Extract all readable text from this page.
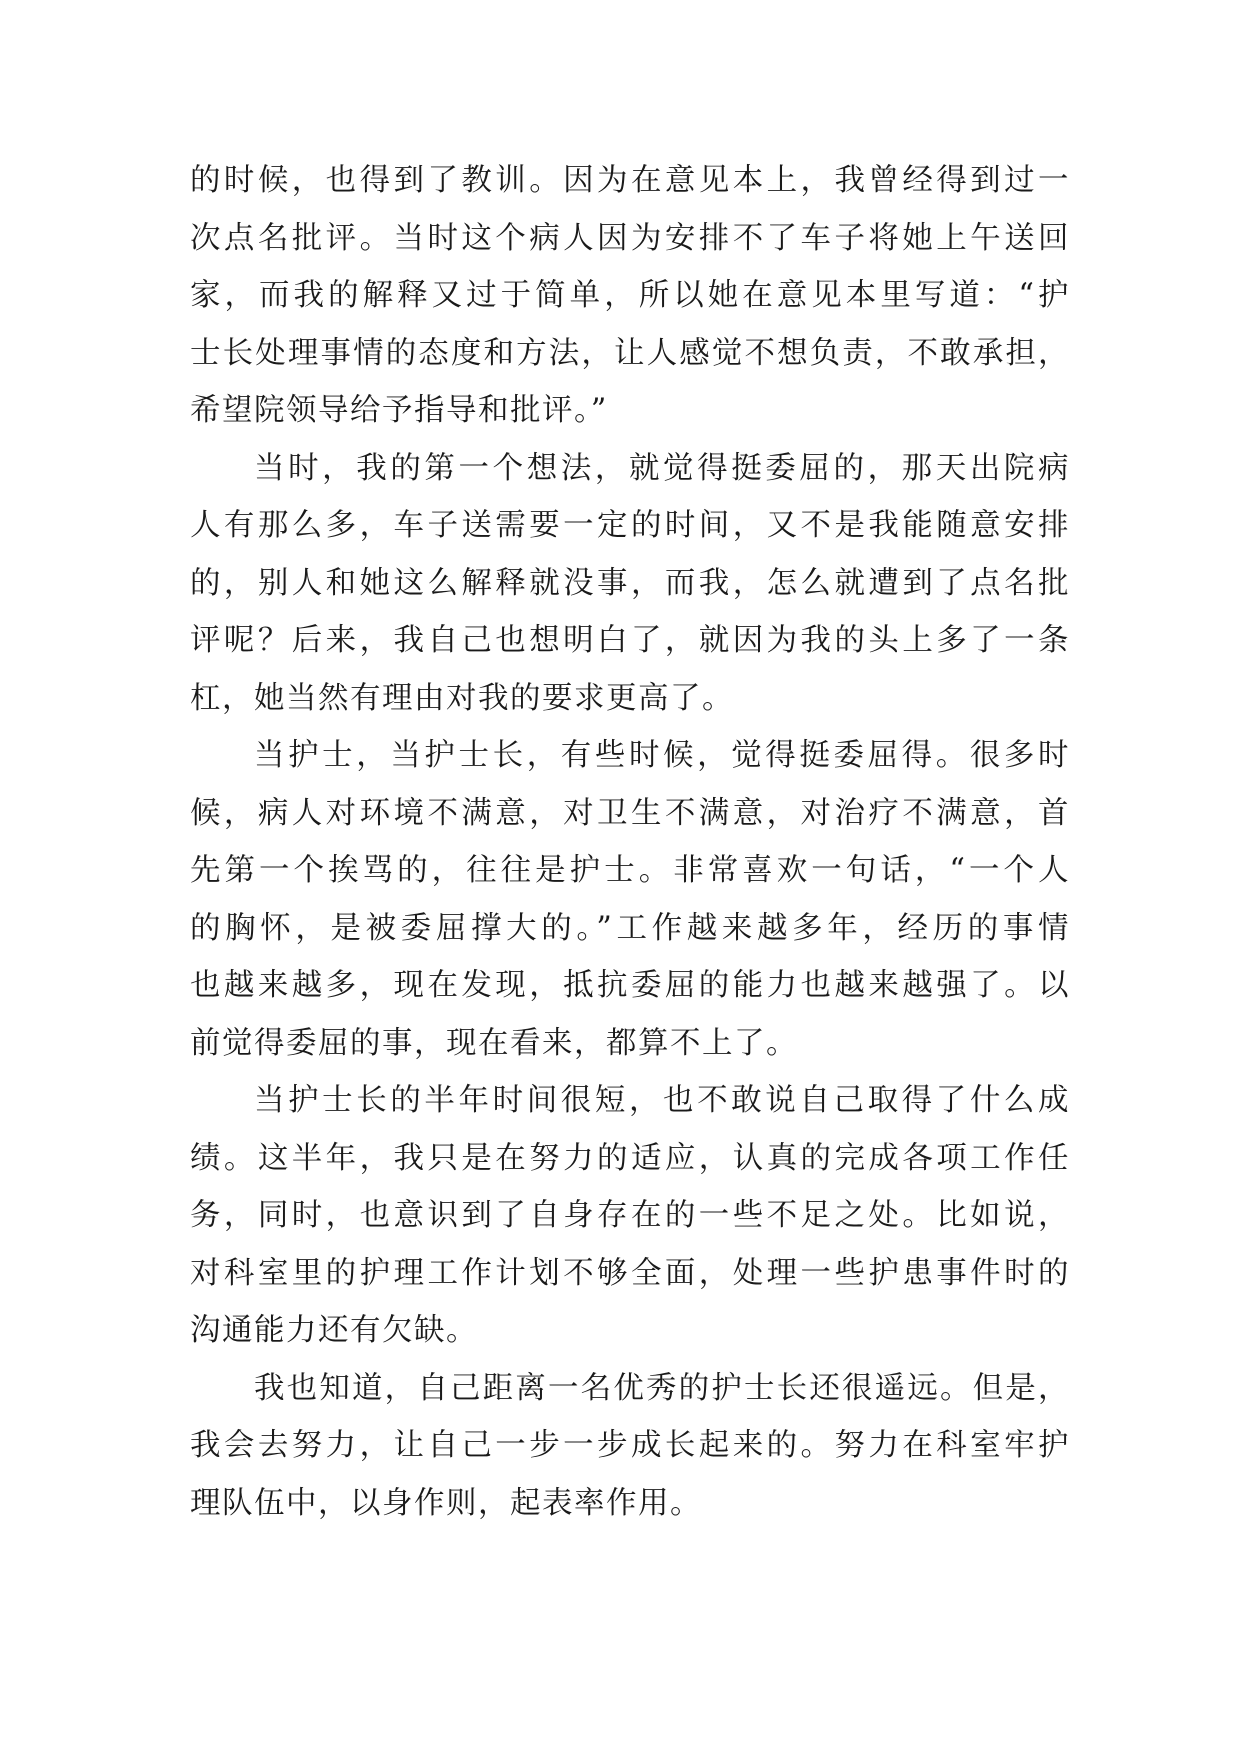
的时候，也得到了教训。因为在意见本上，我曾经得到过一
次点名批评。当时这个病人因为安排不了车子将她上午送回
家，而我的解释又过于简单，所以她在意见本里写道：“护
士长处理事情的态度和方法，让人感觉不想负责，不敢承担，
希望院领导给予指导和批评。”
当时，我的第一个想法，就觉得挺委屈的，那天出院病
人有那么多，车子送需要一定的时间，又不是我能随意安排
的，别人和她这么解释就没事，而我，怎么就遭到了点名批
评呢？后来，我自己也想明白了，就因为我的头上多了一条
杠，她当然有理由对我的要求更高了。
当护士，当护士长，有些时候，觉得挺委屈得。很多时
候，病人对环境不满意，对卫生不满意，对治疗不满意，首
先第一个挨骂的，往往是护士。非常喜欢一句话，“一个人
的胸怀，是被委屈撑大的。”工作越来越多年，经历的事情
也越来越多，现在发现，抵抗委屈的能力也越来越强了。以
前觉得委屈的事，现在看来，都算不上了。
当护士长的半年时间很短，也不敢说自己取得了什么成
绩。这半年，我只是在努力的适应，认真的完成各项工作任
务，同时，也意识到了自身存在的一些不足之处。比如说，
对科室里的护理工作计划不够全面，处理一些护患事件时的
沟通能力还有欠缺。
我也知道，自己距离一名优秀的护士长还很遥远。但是，
我会去努力，让自己一步一步成长起来的。努力在科室牢护
理队伍中，以身作则，起表率作用。
